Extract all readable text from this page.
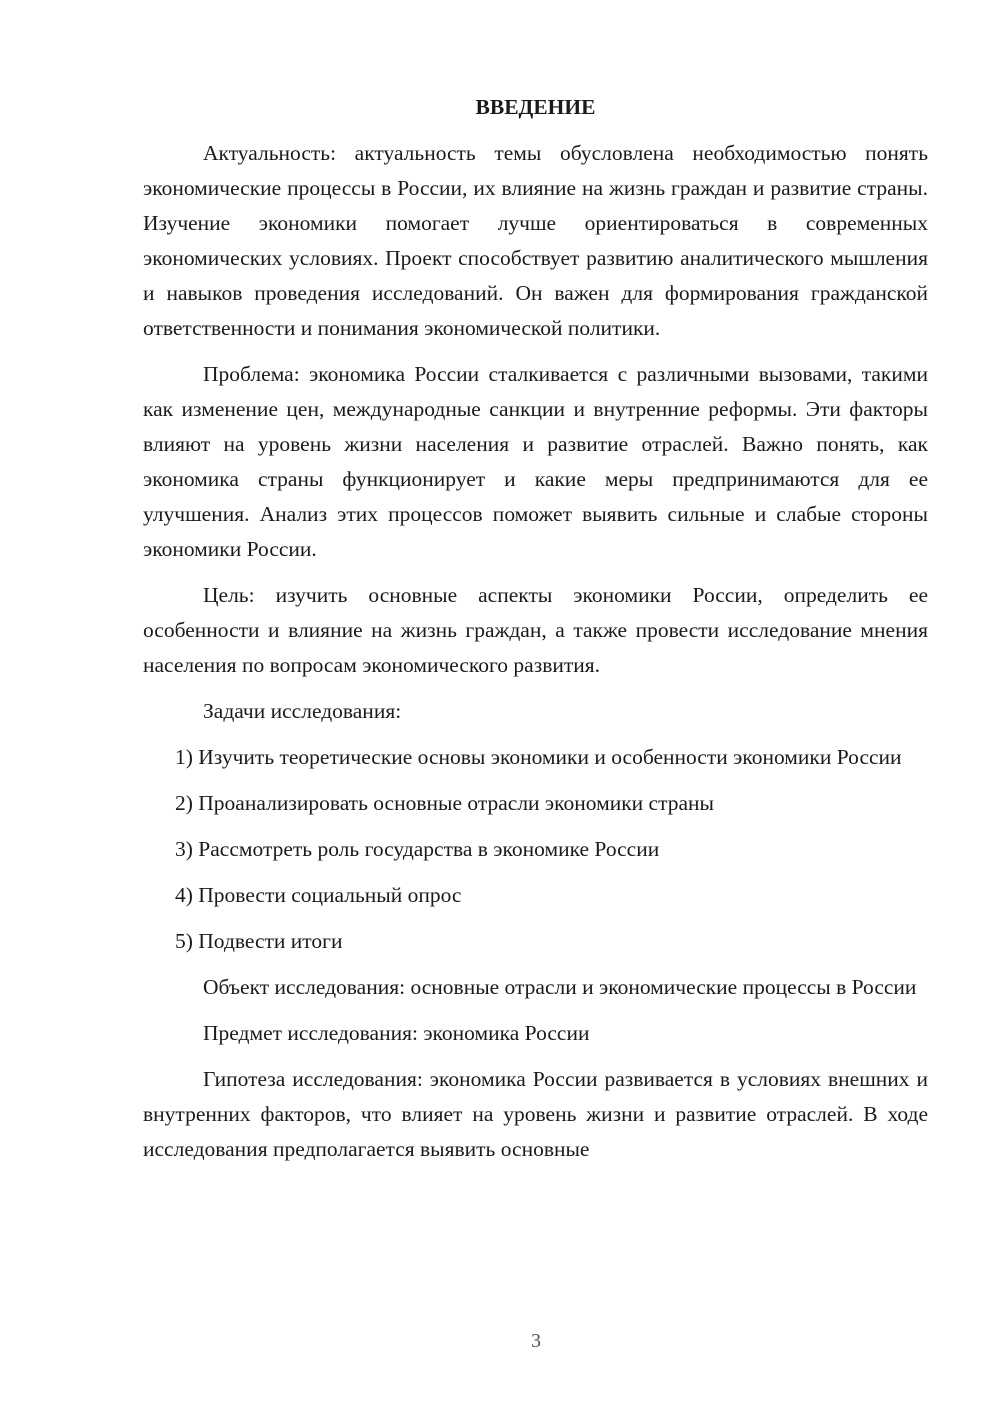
ВВЕДЕНИЕ

Актуальность: актуальность темы обусловлена необходимостью понять экономические процессы в России, их влияние на жизнь граждан и развитие страны. Изучение экономики помогает лучше ориентироваться в современных экономических условиях. Проект способствует развитию аналитического мышления и навыков проведения исследований. Он важен для формирования гражданской ответственности и понимания экономической политики.

Проблема: экономика России сталкивается с различными вызовами, такими как изменение цен, международные санкции и внутренние реформы. Эти факторы влияют на уровень жизни населения и развитие отраслей. Важно понять, как экономика страны функционирует и какие меры предпринимаются для ее улучшения. Анализ этих процессов поможет выявить сильные и слабые стороны экономики России.

Цель: изучить основные аспекты экономики России, определить ее особенности и влияние на жизнь граждан, а также провести исследование мнения населения по вопросам экономического развития.

Задачи исследования:

1) Изучить теоретические основы экономики и особенности экономики России

2) Проанализировать основные отрасли экономики страны

3) Рассмотреть роль государства в экономике России

4) Провести социальный опрос

5) Подвести итоги

Объект исследования: основные отрасли и экономические процессы в России

Предмет исследования: экономика России

Гипотеза исследования: экономика России развивается в условиях внешних и внутренних факторов, что влияет на уровень жизни и развитие отраслей. В ходе исследования предполагается выявить основные

3
